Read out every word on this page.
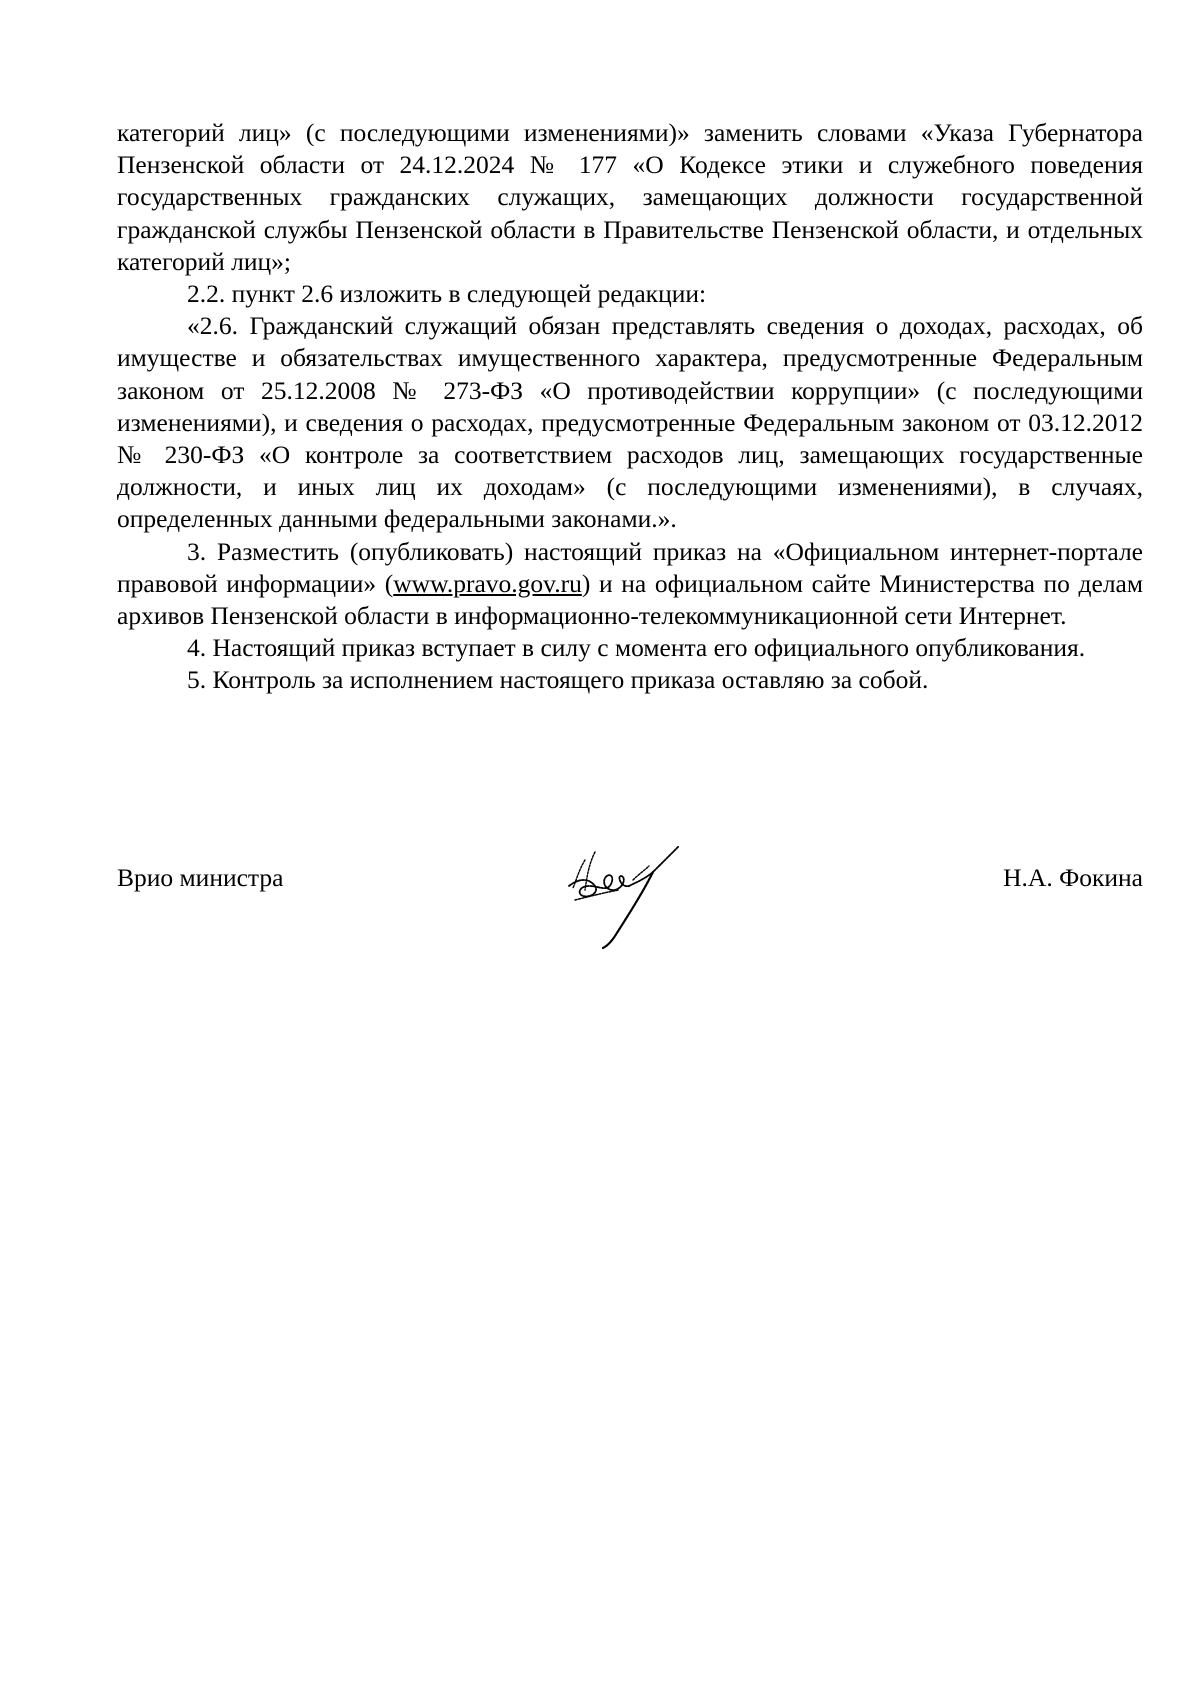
категорий лиц» (с последующими изменениями)» заменить словами «Указа Губернатора Пензенской области от 24.12.2024 № 177 «О Кодексе этики и служебного поведения государственных гражданских служащих, замещающих должности государственной гражданской службы Пензенской области в Правительстве Пензенской области, и отдельных категорий лиц»;

2.2. пункт 2.6 изложить в следующей редакции:

«2.6. Гражданский служащий обязан представлять сведения о доходах, расходах, об имуществе и обязательствах имущественного характера, предусмотренные Федеральным законом от 25.12.2008 № 273-ФЗ «О противодействии коррупции» (с последующими изменениями), и сведения о расходах, предусмотренные Федеральным законом от 03.12.2012 № 230-ФЗ «О контроле за соответствием расходов лиц, замещающих государственные должности, и иных лиц их доходам» (с последующими изменениями), в случаях, определенных данными федеральными законами.».

3. Разместить (опубликовать) настоящий приказ на «Официальном интернет-портале правовой информации» (www.pravo.gov.ru) и на официальном сайте Министерства по делам архивов Пензенской области в информационно-телекоммуникационной сети Интернет.

4. Настоящий приказ вступает в силу с момента его официального опубликования.

5. Контроль за исполнением настоящего приказа оставляю за собой.

Врио министра	Н.А. Фокина
